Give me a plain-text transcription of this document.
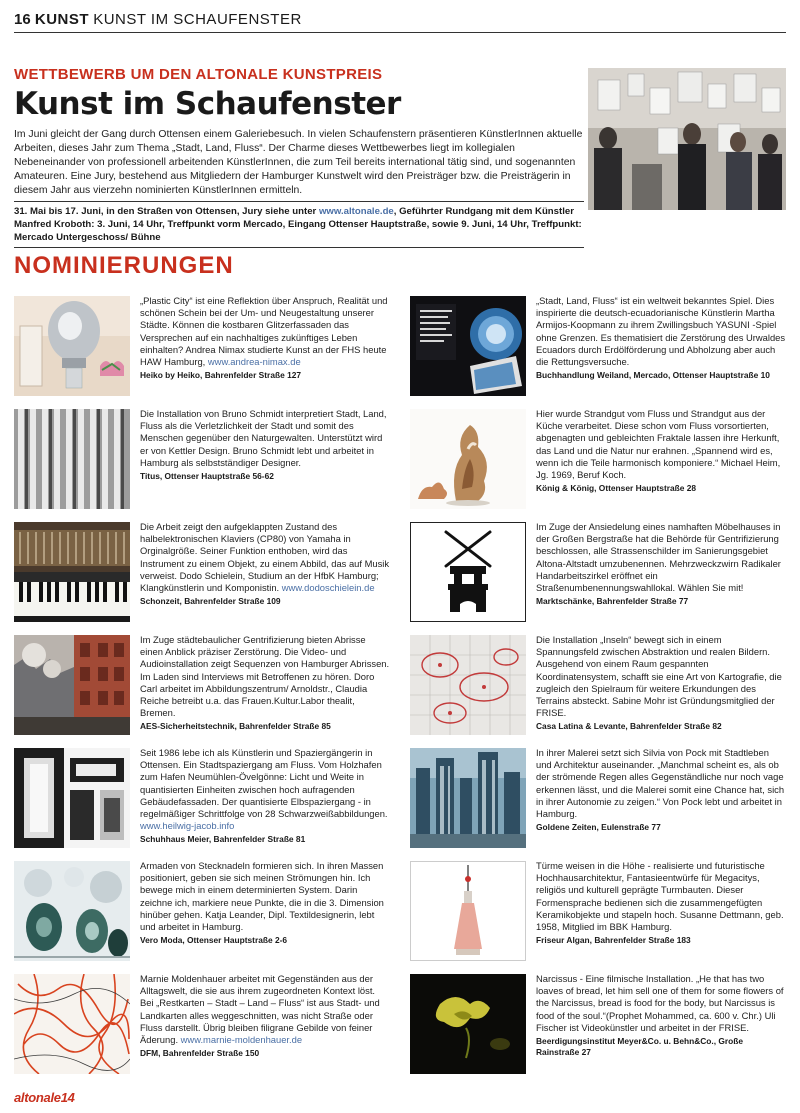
16 KUNST KUNST IM SCHAUFENSTER

WETTBEWERB UM DEN ALTONALE KUNSTPREIS

Kunst im Schaufenster

Im Juni gleicht der Gang durch Ottensen einem Galeriebesuch. In vielen Schaufenstern präsentieren KünstlerInnen aktuelle Arbeiten, dieses Jahr zum Thema „Stadt, Land, Fluss“. Der Charme dieses Wettbewerbes liegt im kollegialen Nebeneinander von professionell arbeitenden KünstlerInnen, die zum Teil bereits international tätig sind, und sogenannten Amateuren. Eine Jury, bestehend aus Mitgliedern der Hamburger Kunstwelt wird den Preisträger bzw. die Preisträgerin in diesem Jahr aus vierzehn nominierten KünstlerInnen ermitteln.

31. Mai bis 17. Juni, in den Straßen von Ottensen, Jury siehe unter www.altonale.de, Geführter Rundgang mit dem Künstler Manfred Kroboth: 3. Juni, 14 Uhr, Treffpunkt vorm Mercado, Eingang Ottenser Hauptstraße, sowie 9. Juni, 14 Uhr, Treffpunkt: Mercado Untergeschoss/ Bühne
NOMINIERUNGEN

„Plastic City“ ist eine Reflektion über Anspruch, Realität und schönen Schein bei der Um- und Neugestaltung unserer Städte. Können die kostbaren Glitzerfassaden das Versprechen auf ein nachhaltiges zukünftiges Leben einhalten? Andrea Nimax studierte Kunst an der FHS heute HAW Hamburg, www.andrea-nimax.de

Heiko by Heiko, Bahrenfelder Straße 127

Die Installation von Bruno Schmidt interpretiert Stadt, Land, Fluss als die Verletzlichkeit der Stadt und somit des Menschen gegenüber den Naturgewalten. Unterstützt wird er von Kettler Design. Bruno Schmidt lebt und arbeitet in Hamburg als selbstständiger Designer.

Titus, Ottenser Hauptstraße 56-62

Die Arbeit zeigt den aufgeklappten Zustand des halbelektronischen Klaviers (CP80) von Yamaha in Orginalgröße. Seiner Funktion enthoben, wird das Instrument zu einem Objekt, zu einem Abbild, das auf Musik verweist. Dodo Schielein, Studium an der HfbK Hamburg; Klangkünstlerin und Komponistin. www.dodoschielein.de

Schonzeit, Bahrenfelder Straße 109

Im Zuge städtebaulicher Gentrifizierung bieten Abrisse einen Anblick präziser Zerstörung. Die Video- und Audioinstallation zeigt Sequenzen von Hamburger Abrissen. Im Laden sind Interviews mit Betroffenen zu hören. Doro Carl arbeitet im Abbildungszentrum/ Arnoldstr., Claudia Reiche betreibt u.a. das Frauen.Kultur.Labor thealit, Bremen.

AES-Sicherheitstechnik, Bahrenfelder Straße 85

Seit 1986 lebe ich als Künstlerin und Spaziergängerin in Ottensen. Ein Stadtspaziergang am Fluss. Vom Holzhafen zum Hafen Neumühlen-Övelgönne: Licht und Weite in quantisierten Einheiten zwischen hoch aufragenden Gebäudefassaden. Der quantisierte Elbspaziergang - in regelmäßiger Schrittfolge von 28 Schwarzweißabbildungen. www.heilwig-jacob.info

Schuhhaus Meier, Bahrenfelder Straße 81

Armaden von Stecknadeln formieren sich. In ihren Massen positioniert, geben sie sich meinen Strömungen hin. Ich bewege mich in einem determinierten System. Darin zeichne ich, markiere neue Punkte, die in die 3. Dimension hinüber gehen. Katja Leander, Dipl. Textildesignerin, lebt und arbeitet in Hamburg.

Vero Moda, Ottenser Hauptstraße 2-6

Marnie Moldenhauer arbeitet mit Gegenständen aus der Alltagswelt, die sie aus ihrem zugeordneten Kontext löst. Bei „Restkarten – Stadt – Land – Fluss“ ist aus Stadt- und Landkarten alles weggeschnitten, was nicht Straße oder Fluss darstellt. Übrig bleiben filigrane Gebilde von feiner Äderung. www.marnie-moldenhauer.de

DFM, Bahrenfelder Straße 150

„Stadt, Land, Fluss“ ist ein weltweit bekanntes Spiel. Dies inspirierte die deutsch-ecuadorianische Künstlerin Martha Armijos-Koopmann zu ihrem Zwillingsbuch YASUNI -Spiel ohne Grenzen. Es thematisiert die Zerstörung des Urwaldes Ecuadors durch Erdölförderung und Abholzung aber auch die Rettungsversuche.

Buchhandlung Weiland, Mercado, Ottenser Hauptstraße 10

Hier wurde Strandgut vom Fluss und Strandgut aus der Küche verarbeitet. Diese schon vom Fluss vorsortierten, abgenagten und gebleichten Fraktale lassen ihre Herkunft, das Land und die Natur nur erahnen. „Spannend wird es, wenn ich die Teile harmonisch komponiere.“ Michael Heim, Jg. 1969, Beruf Koch.

König & König, Ottenser Hauptstraße 28

Im Zuge der Ansiedelung eines namhaften Möbelhauses in der Großen Bergstraße hat die Behörde für Gentrifizierung beschlossen, alle Strassenschilder im Sanierungsgebiet Altona-Altstadt umzubenennen. Mehrzweckzwirn Radikaler Handarbeitszirkel eröffnet ein Straßenumbenennungswahllokal. Wählen Sie mit!

Marktschänke, Bahrenfelder Straße 77

Die Installation „Inseln“ bewegt sich in einem Spannungsfeld zwischen Abstraktion und realen Bildern. Ausgehend von einem Raum gespannten Koordinatensystem, schafft sie eine Art von Kartografie, die zugleich den Spielraum für weitere Erkundungen des Terrains absteckt. Sabine Mohr ist Gründungsmitglied der FRISE.

Casa Latina & Levante, Bahrenfelder Straße 82

In ihrer Malerei setzt sich Silvia von Pock mit Stadtleben und Architektur auseinander. „Manchmal scheint es, als ob der strömende Regen alles Gegenständliche nur noch vage erkennen lässt, und die Malerei somit eine Chance hat, sich in ihrer Autonomie zu zeigen.“ Von Pock lebt und arbeitet in Hamburg.

Goldene Zeiten, Eulenstraße 77

Türme weisen in die Höhe - realisierte und futuristische Hochhausarchitektur, Fantasieentwürfe für Megacitys, religiös und kulturell geprägte Turmbauten. Dieser Formensprache bedienen sich die zusammengefügten Keramikobjekte und stapeln hoch. Susanne Dettmann, geb. 1958, Mitglied im BBK Hamburg.

Friseur Algan, Bahrenfelder Straße 183

Narcissus - Eine filmische Installation. „He that has two loaves of bread, let him sell one of them for some flowers of the Narcissus, bread is food for the body, but Narcissus is food of the soul.“(Prophet Mohammed, ca. 600 v. Chr.) Uli Fischer ist Videokünstler und arbeitet in der FRISE.

Beerdigungsinstitut Meyer&Co. u. Behn&Co., Große Rainstraße 27
altonale14
